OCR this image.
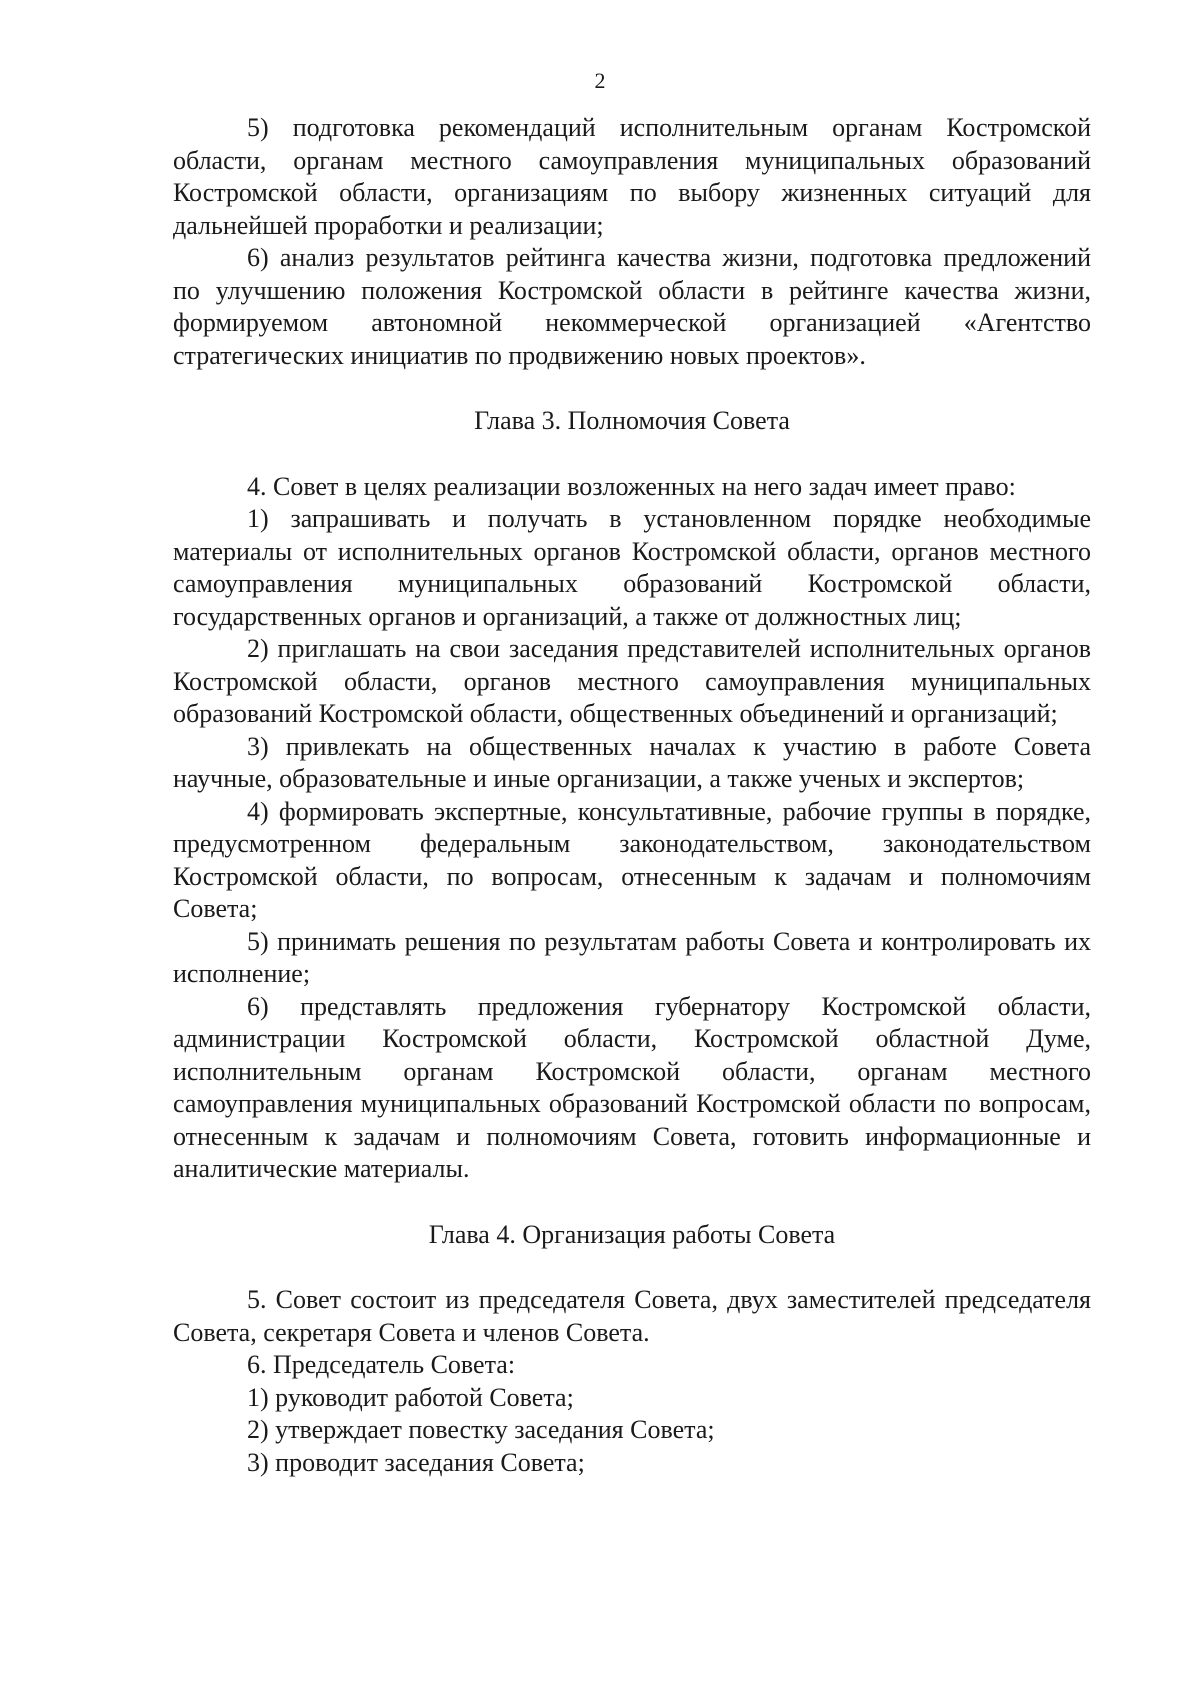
2

5) подготовка рекомендаций исполнительным органам Костромской области, органам местного самоуправления муниципальных образований Костромской области, организациям по выбору жизненных ситуаций для дальнейшей проработки и реализации;

6) анализ результатов рейтинга качества жизни, подготовка предложений по улучшению положения Костромской области в рейтинге качества жизни, формируемом автономной некоммерческой организацией «Агентство стратегических инициатив по продвижению новых проектов».

Глава 3. Полномочия Совета

4. Совет в целях реализации возложенных на него задач имеет право:

1) запрашивать и получать в установленном порядке необходимые материалы от исполнительных органов Костромской области, органов местного самоуправления муниципальных образований Костромской области, государственных органов и организаций, а также от должностных лиц;

2) приглашать на свои заседания представителей исполнительных органов Костромской области, органов местного самоуправления муниципальных образований Костромской области, общественных объединений и организаций;

3) привлекать на общественных началах к участию в работе Совета научные, образовательные и иные организации, а также ученых и экспертов;

4) формировать экспертные, консультативные, рабочие группы в порядке, предусмотренном федеральным законодательством, законодательством Костромской области, по вопросам, отнесенным к задачам и полномочиям Совета;

5) принимать решения по результатам работы Совета и контролировать их исполнение;

6) представлять предложения губернатору Костромской области, администрации Костромской области, Костромской областной Думе, исполнительным органам Костромской области, органам местного самоуправления муниципальных образований Костромской области по вопросам, отнесенным к задачам и полномочиям Совета, готовить информационные и аналитические материалы.

Глава 4. Организация работы Совета

5. Совет состоит из председателя Совета, двух заместителей председателя Совета, секретаря Совета и членов Совета.

6. Председатель Совета:

1) руководит работой Совета;

2) утверждает повестку заседания Совета;

3) проводит заседания Совета;
